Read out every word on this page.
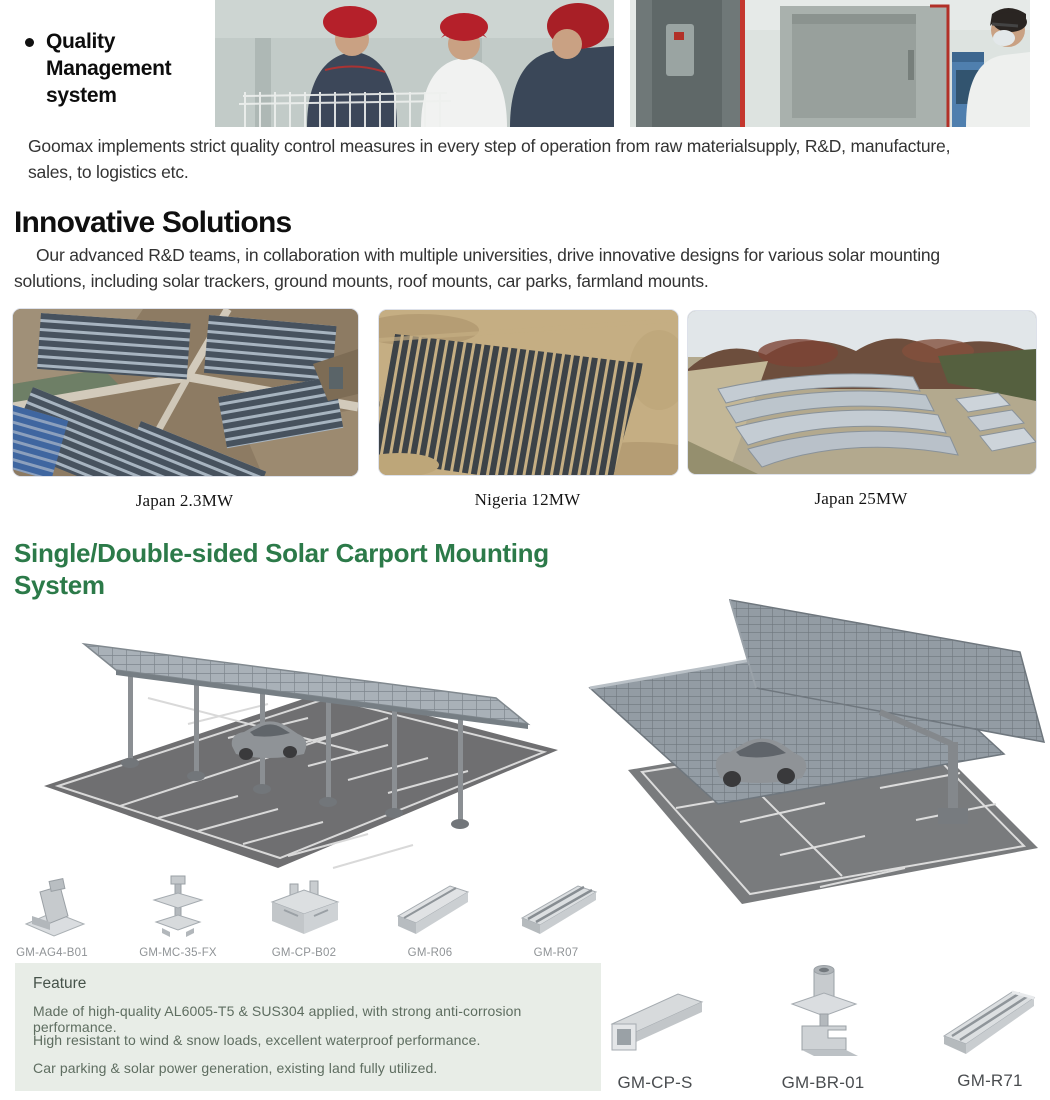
Quality Management system
Goomax implements strict quality control measures in every step of operation from raw materialsupply, R&D, manufacture, sales, to logistics etc.
Innovative Solutions
Our advanced R&D teams, in collaboration with multiple universities, drive innovative designs for various solar mounting solutions, including solar trackers, ground mounts, roof mounts, car parks, farmland mounts.
Japan 2.3MW	Nigeria 12MW	Japan 25MW
Single/Double-sided Solar Carport Mounting System
GM-AG4-B01	GM-MC-35-FX	GM-CP-B02	GM-R06	GM-R07
Feature
Made of high-quality AL6005-T5 & SUS304 applied, with strong anti-corrosion performance.
High resistant to wind & snow loads, excellent waterproof performance.
Car parking & solar power generation, existing land fully utilized.
GM-CP-S	GM-BR-01	GM-R71
